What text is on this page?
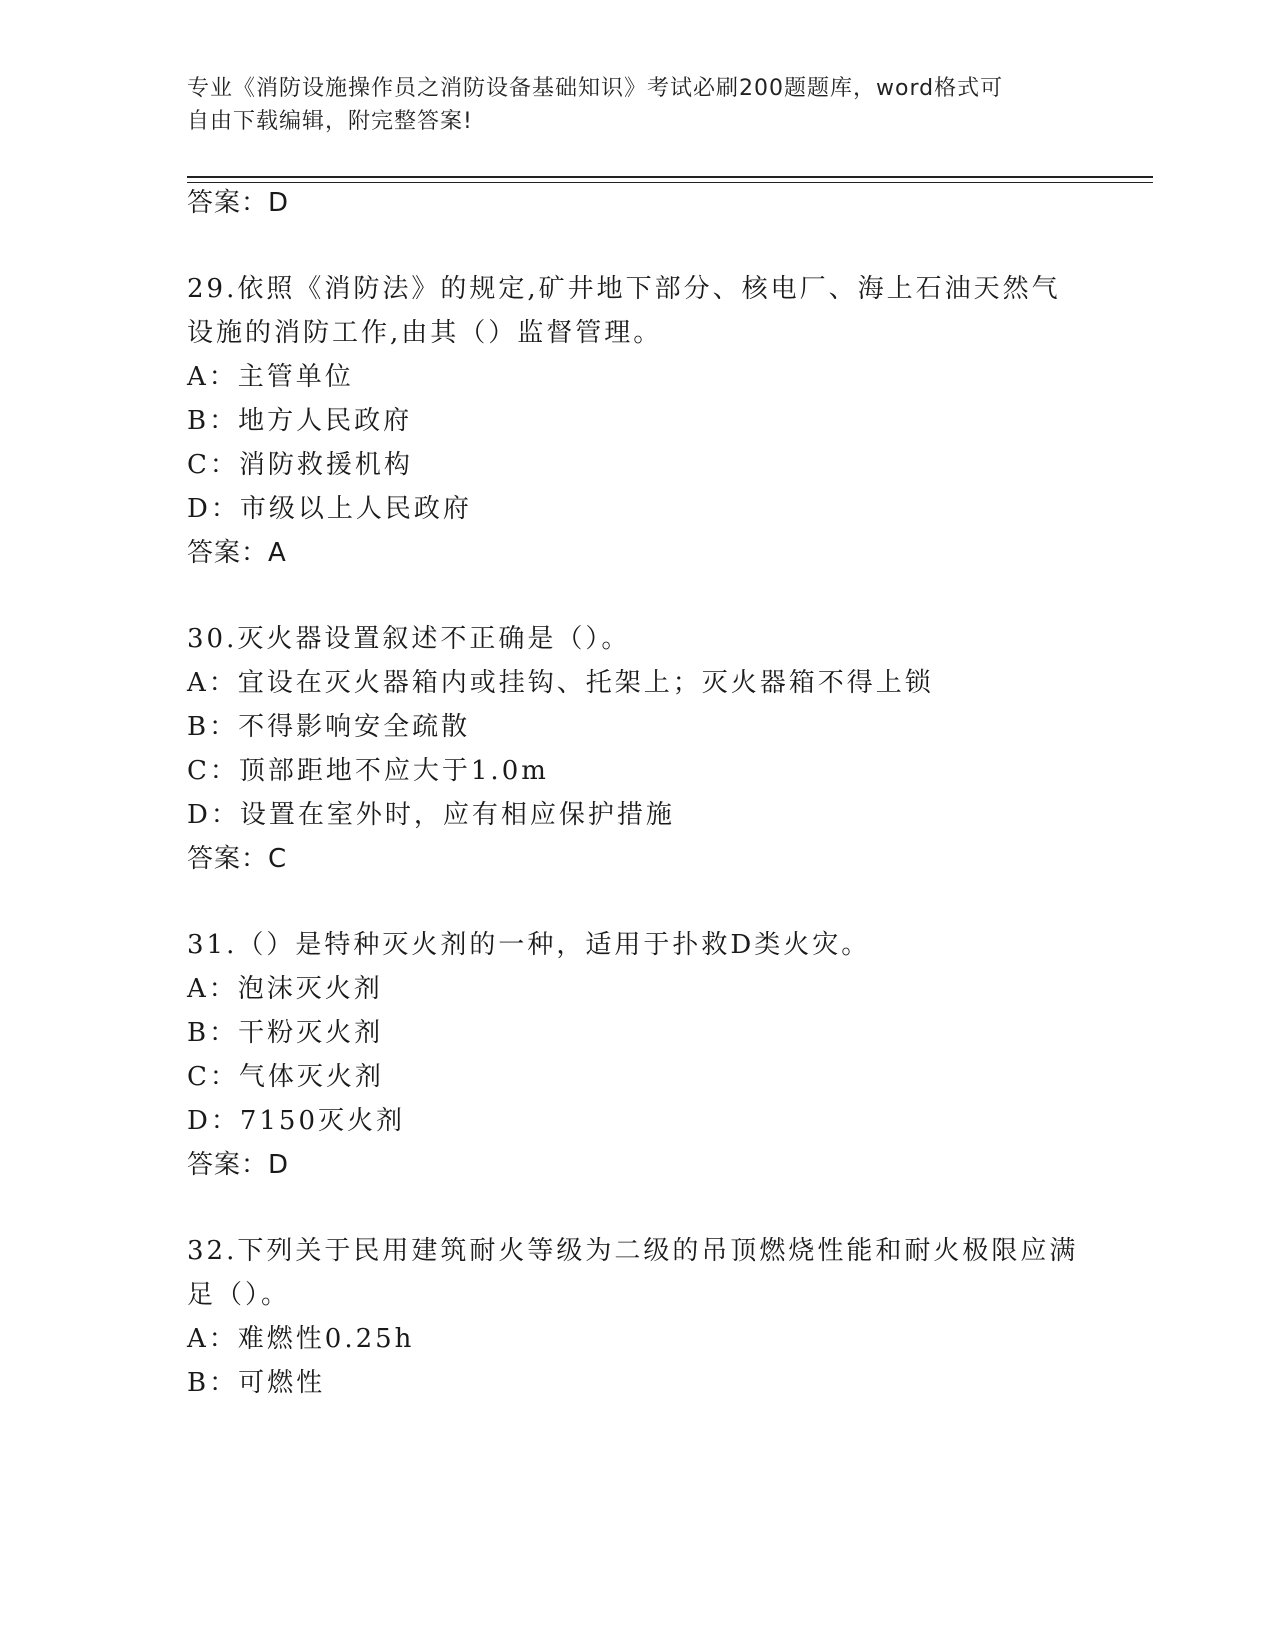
专业《消防设施操作员之消防设备基础知识》考试必刷200题题库，word格式可
自由下载编辑，附完整答案!
答案：D
29.依照《消防法》的规定,矿井地下部分、核电厂、海上石油天然气
设施的消防工作,由其（）监督管理。
A：主管单位
B：地方人民政府
C：消防救援机构
D：市级以上人民政府
答案：A
30.灭火器设置叙述不正确是（）。
A：宜设在灭火器箱内或挂钩、托架上；灭火器箱不得上锁
B：不得影响安全疏散
C：顶部距地不应大于1.0m
D：设置在室外时，应有相应保护措施
答案：C
31.（）是特种灭火剂的一种，适用于扑救D类火灾。
A：泡沫灭火剂
B：干粉灭火剂
C：气体灭火剂
D：7150灭火剂
答案：D
32.下列关于民用建筑耐火等级为二级的吊顶燃烧性能和耐火极限应满
足（）。
A：难燃性0.25h
B：可燃性
